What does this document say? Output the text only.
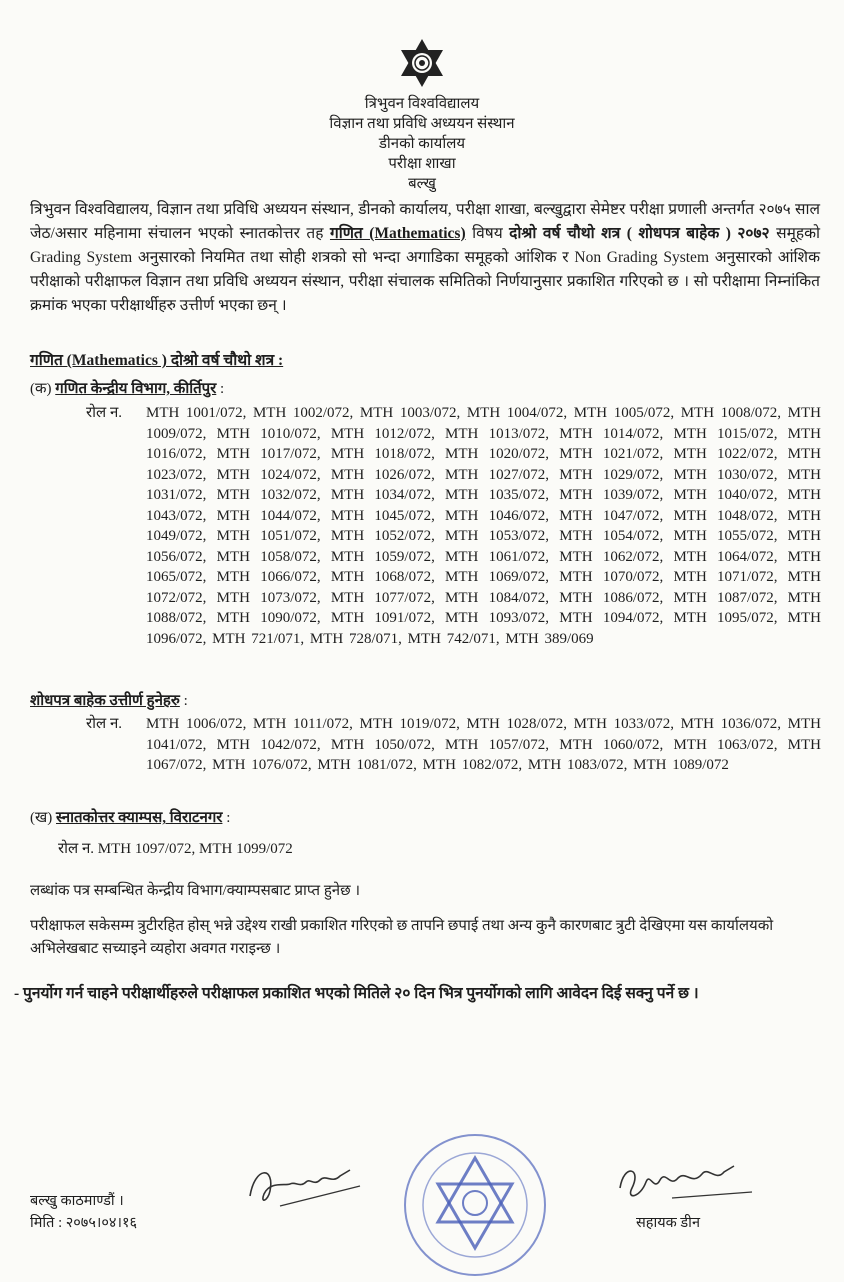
त्रिभुवन विश्वविद्यालय
विज्ञान तथा प्रविधि अध्ययन संस्थान
डीनको कार्यालय
परीक्षा शाखा
बल्खु
त्रिभुवन विश्वविद्यालय, विज्ञान तथा प्रविधि अध्ययन संस्थान, डीनको कार्यालय, परीक्षा शाखा, बल्खुद्वारा सेमेष्टर परीक्षा प्रणाली अन्तर्गत २०७५ साल जेठ/असार महिनामा संचालन भएको स्नातकोत्तर तह गणित (Mathematics) विषय दोश्रो वर्ष चौथो शत्र ( शोधपत्र बाहेक ) २०७२ समूहको Grading System अनुसारको नियमित तथा सोही शत्रको सो भन्दा अगाडिका समूहको आंशिक र Non Grading System अनुसारको आंशिक परीक्षाको परीक्षाफल विज्ञान तथा प्रविधि अध्ययन संस्थान, परीक्षा संचालक समितिको निर्णयानुसार प्रकाशित गरिएको छ । सो परीक्षामा निम्नांकित क्रमांक भएका परीक्षार्थीहरु उत्तीर्ण भएका छन् ।
गणित (Mathematics ) दोश्रो वर्ष चौथो शत्र :
(क) गणित केन्द्रीय विभाग, कीर्तिपुर :
रोल न. MTH 1001/072, MTH 1002/072, MTH 1003/072, MTH 1004/072, MTH 1005/072, MTH 1008/072, MTH 1009/072, MTH 1010/072, MTH 1012/072, MTH 1013/072, MTH 1014/072, MTH 1015/072, MTH 1016/072, MTH 1017/072, MTH 1018/072, MTH 1020/072, MTH 1021/072, MTH 1022/072, MTH 1023/072, MTH 1024/072, MTH 1026/072, MTH 1027/072, MTH 1029/072, MTH 1030/072, MTH 1031/072, MTH 1032/072, MTH 1034/072, MTH 1035/072, MTH 1039/072, MTH 1040/072, MTH 1043/072, MTH 1044/072, MTH 1045/072, MTH 1046/072, MTH 1047/072, MTH 1048/072, MTH 1049/072, MTH 1051/072, MTH 1052/072, MTH 1053/072, MTH 1054/072, MTH 1055/072, MTH 1056/072, MTH 1058/072, MTH 1059/072, MTH 1061/072, MTH 1062/072, MTH 1064/072, MTH 1065/072, MTH 1066/072, MTH 1068/072, MTH 1069/072, MTH 1070/072, MTH 1071/072, MTH 1072/072, MTH 1073/072, MTH 1077/072, MTH 1084/072, MTH 1086/072, MTH 1087/072, MTH 1088/072, MTH 1090/072, MTH 1091/072, MTH 1093/072, MTH 1094/072, MTH 1095/072, MTH 1096/072, MTH 721/071, MTH 728/071, MTH 742/071, MTH 389/069
शोधपत्र बाहेक उत्तीर्ण हुनेहरु :
रोल न. MTH 1006/072, MTH 1011/072, MTH 1019/072, MTH 1028/072, MTH 1033/072, MTH 1036/072, MTH 1041/072, MTH 1042/072, MTH 1050/072, MTH 1057/072, MTH 1060/072, MTH 1063/072, MTH 1067/072, MTH 1076/072, MTH 1081/072, MTH 1082/072, MTH 1083/072, MTH 1089/072
(ख) स्नातकोत्तर क्याम्पस, विराटनगर :
रोल न. MTH 1097/072, MTH 1099/072
लब्धांक पत्र सम्बन्धित केन्द्रीय विभाग/क्याम्पसबाट प्राप्त हुनेछ ।
परीक्षाफल सकेसम्म त्रुटीरहित होस् भन्ने उद्देश्य राखी प्रकाशित गरिएको छ तापनि छपाई तथा अन्य कुनै कारणबाट त्रुटी देखिएमा यस कार्यालयको अभिलेखबाट सच्याइने व्यहोरा अवगत गराइन्छ ।
- पुनर्योग गर्न चाहने परीक्षार्थीहरुले परीक्षाफल प्रकाशित भएको मितिले २० दिन भित्र पुनर्योगको लागि आवेदन दिई सक्नु पर्ने छ ।
बल्खु काठमाण्डौं ।
मिति : २०७५।०४।१६	सहायक डीन
